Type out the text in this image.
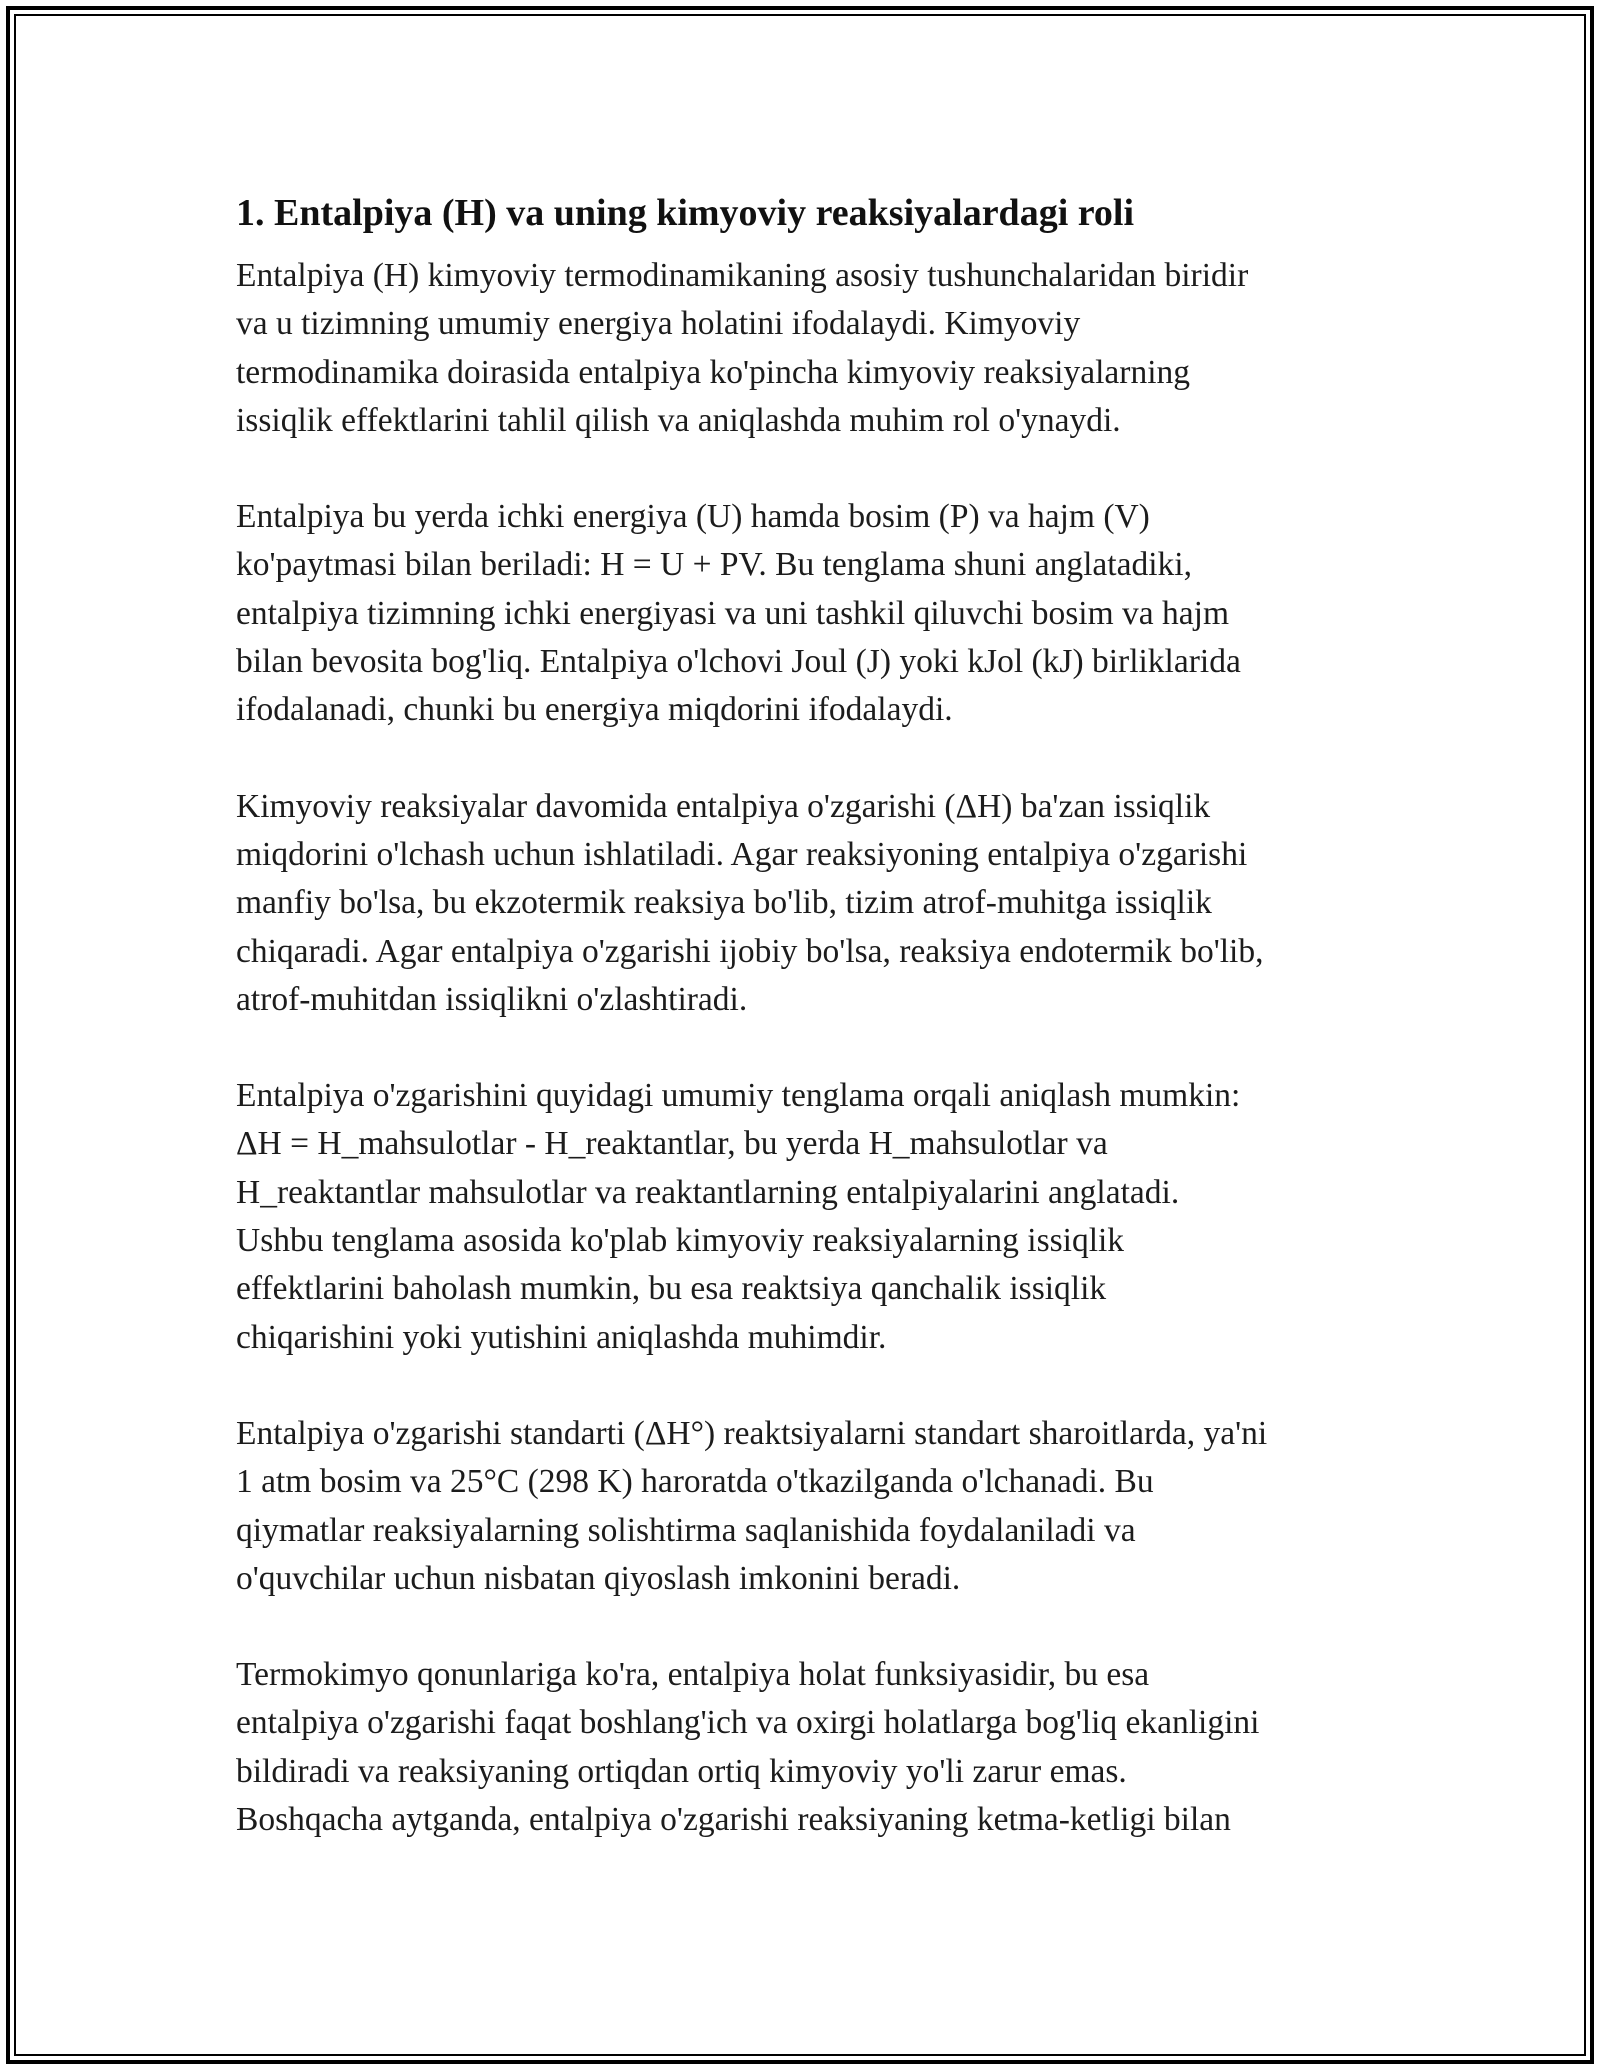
1. Entalpiya (H) va uning kimyoviy reaksiyalardagi roli

Entalpiya (H) kimyoviy termodinamikaning asosiy tushunchalaridan biridir
va u tizimning umumiy energiya holatini ifodalaydi. Kimyoviy
termodinamika doirasida entalpiya ko'pincha kimyoviy reaksiyalarning
issiqlik effektlarini tahlil qilish va aniqlashda muhim rol o'ynaydi.

Entalpiya bu yerda ichki energiya (U) hamda bosim (P) va hajm (V)
ko'paytmasi bilan beriladi: H = U + PV. Bu tenglama shuni anglatadiki,
entalpiya tizimning ichki energiyasi va uni tashkil qiluvchi bosim va hajm
bilan bevosita bog'liq. Entalpiya o'lchovi Joul (J) yoki kJol (kJ) birliklarida
ifodalanadi, chunki bu energiya miqdorini ifodalaydi.

Kimyoviy reaksiyalar davomida entalpiya o'zgarishi (ΔH) ba'zan issiqlik
miqdorini o'lchash uchun ishlatiladi. Agar reaksiyoning entalpiya o'zgarishi
manfiy bo'lsa, bu ekzotermik reaksiya bo'lib, tizim atrof-muhitga issiqlik
chiqaradi. Agar entalpiya o'zgarishi ijobiy bo'lsa, reaksiya endotermik bo'lib,
atrof-muhitdan issiqlikni o'zlashtiradi.

Entalpiya o'zgarishini quyidagi umumiy tenglama orqali aniqlash mumkin:
ΔH = H_mahsulotlar - H_reaktantlar, bu yerda H_mahsulotlar va
H_reaktantlar mahsulotlar va reaktantlarning entalpiyalarini anglatadi.
Ushbu tenglama asosida ko'plab kimyoviy reaksiyalarning issiqlik
effektlarini baholash mumkin, bu esa reaktsiya qanchalik issiqlik
chiqarishini yoki yutishini aniqlashda muhimdir.

Entalpiya o'zgarishi standarti (ΔH°) reaktsiyalarni standart sharoitlarda, ya'ni
1 atm bosim va 25°C (298 K) haroratda o'tkazilganda o'lchanadi. Bu
qiymatlar reaksiyalarning solishtirma saqlanishida foydalaniladi va
o'quvchilar uchun nisbatan qiyoslash imkonini beradi.

Termokimyo qonunlariga ko'ra, entalpiya holat funksiyasidir, bu esa
entalpiya o'zgarishi faqat boshlang'ich va oxirgi holatlarga bog'liq ekanligini
bildiradi va reaksiyaning ortiqdan ortiq kimyoviy yo'li zarur emas.
Boshqacha aytganda, entalpiya o'zgarishi reaksiyaning ketma-ketligi bilan
